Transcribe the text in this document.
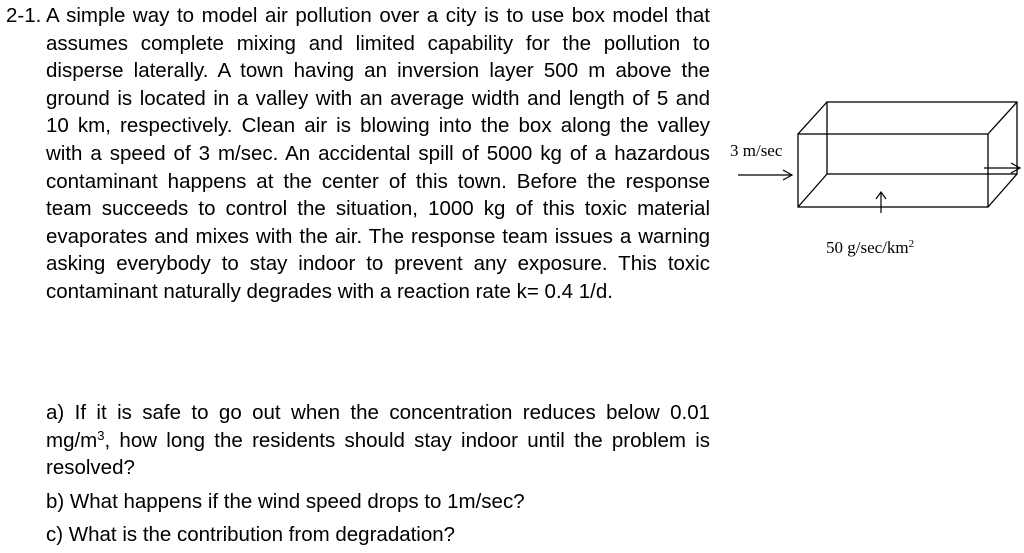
2-1. A simple way to model air pollution over a city is to use box model that assumes complete mixing and limited capability for the pollution to disperse laterally. A town having an inversion layer 500 m above the ground is located in a valley with an average width and length of 5 and 10 km, respectively. Clean air is blowing into the box along the valley with a speed of 3 m/sec. An accidental spill of 5000 kg of a hazardous contaminant happens at the center of this town. Before the response team succeeds to control the situation, 1000 kg of this toxic material evaporates and mixes with the air. The response team issues a warning asking everybody to stay indoor to prevent any exposure. This toxic contaminant naturally degrades with a reaction rate k= 0.4 1/d.
a) If it is safe to go out when the concentration reduces below 0.01 $mg/m^3$, how long the residents should stay indoor until the problem is resolved?
b) What happens if the wind speed drops to 1m/sec?
c) What is the contribution from degradation?
3 m/sec
50 $g/\sec/km^2$
